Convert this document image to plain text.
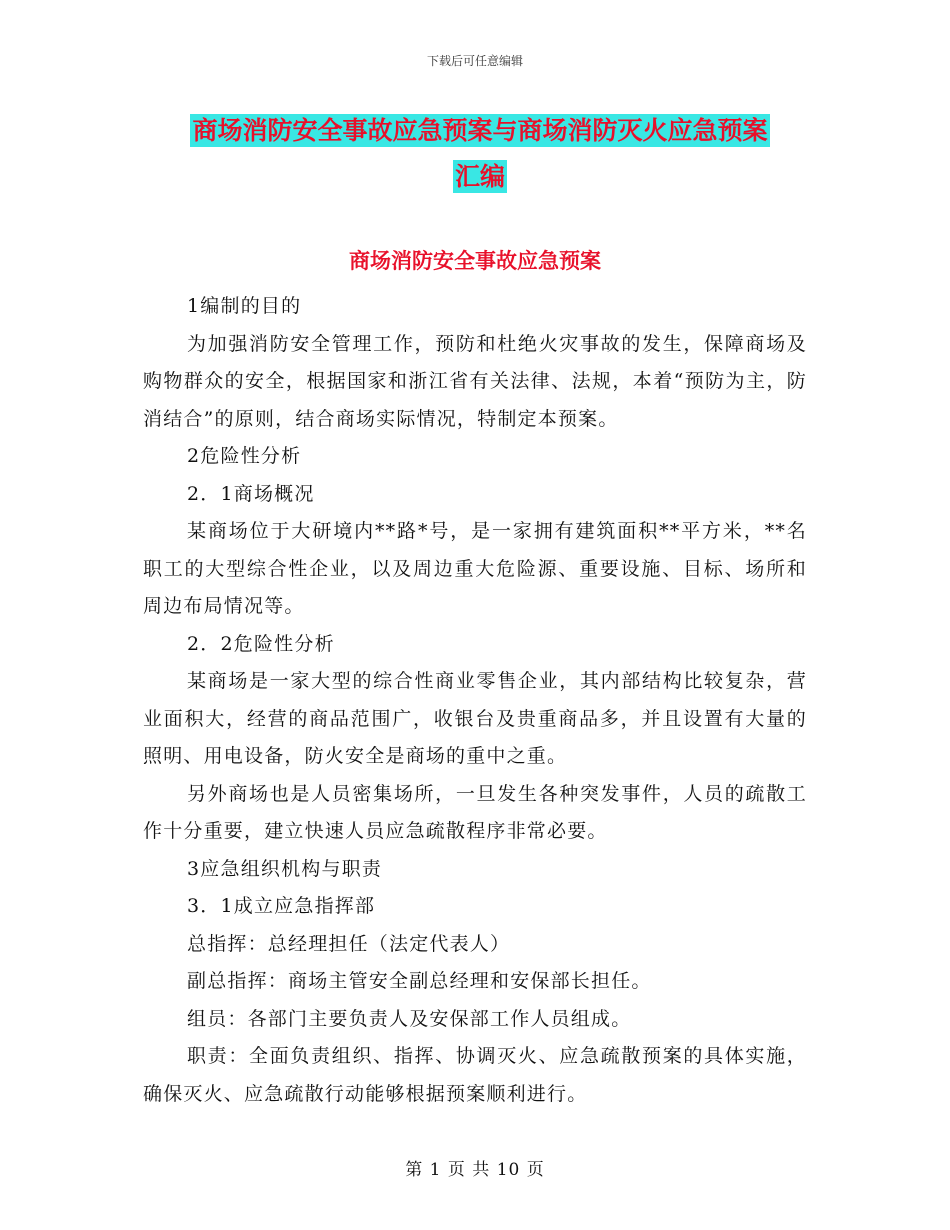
下载后可任意编辑
商场消防安全事故应急预案与商场消防灭火应急预案
汇编
商场消防安全事故应急预案

1编制的目的

为加强消防安全管理工作，预防和杜绝火灾事故的发生，保障商场及购物群众的安全，根据国家和浙江省有关法律、法规，本着“预防为主，防消结合”的原则，结合商场实际情况，特制定本预案。

2危险性分析

2．1商场概况

某商场位于大研境内**路*号，是一家拥有建筑面积**平方米，**名职工的大型综合性企业，以及周边重大危险源、重要设施、目标、场所和周边布局情况等。

2．2危险性分析

某商场是一家大型的综合性商业零售企业，其内部结构比较复杂，营业面积大，经营的商品范围广，收银台及贵重商品多，并且设置有大量的照明、用电设备，防火安全是商场的重中之重。

另外商场也是人员密集场所，一旦发生各种突发事件，人员的疏散工作十分重要，建立快速人员应急疏散程序非常必要。

3应急组织机构与职责

3．1成立应急指挥部

总指挥：总经理担任（法定代表人）

副总指挥：商场主管安全副总经理和安保部长担任。

组员：各部门主要负责人及安保部工作人员组成。

职责：全面负责组织、指挥、协调灭火、应急疏散预案的具体实施，确保灭火、应急疏散行动能够根据预案顺利进行。

第 1 页 共 10 页
